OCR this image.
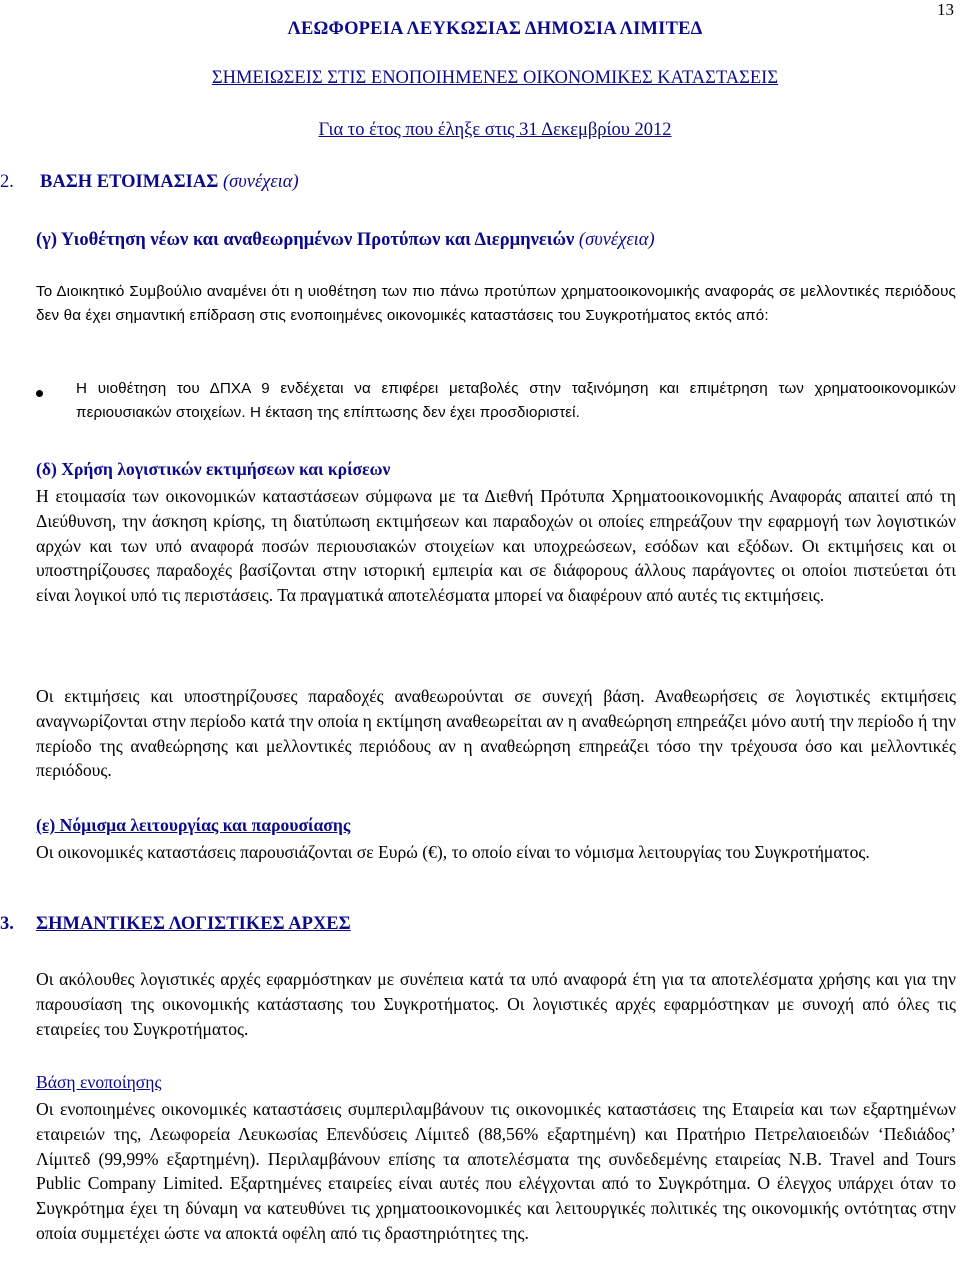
13
ΛΕΩΦΟΡΕΙΑ ΛΕΥΚΩΣΙΑΣ ΔΗΜΟΣΙΑ ΛΙΜΙΤΕΔ
ΣΗΜΕΙΩΣΕΙΣ ΣΤΙΣ ΕΝΟΠΟΙΗΜΕΝΕΣ ΟΙΚΟΝΟΜΙΚΕΣ ΚΑΤΑΣΤΑΣΕΙΣ
Για το έτος που έληξε στις 31 Δεκεμβρίου 2012
2. ΒΑΣΗ ΕΤΟΙΜΑΣΙΑΣ (συνέχεια)
(γ) Υιοθέτηση νέων και αναθεωρημένων Προτύπων και Διερμηνειών (συνέχεια)
Το Διοικητικό Συμβούλιο αναμένει ότι η υιοθέτηση των πιο πάνω προτύπων χρηματοοικονομικής αναφοράς σε μελλοντικές περιόδους δεν θα έχει σημαντική επίδραση στις ενοποιημένες οικονομικές καταστάσεις του Συγκροτήματος εκτός από:
Η υιοθέτηση του ΔΠΧΑ 9 ενδέχεται να επιφέρει μεταβολές στην ταξινόμηση και επιμέτρηση των χρηματοοικονομικών περιουσιακών στοιχείων. Η έκταση της επίπτωσης δεν έχει προσδιοριστεί.
(δ) Χρήση λογιστικών εκτιμήσεων και κρίσεων
Η ετοιμασία των οικονομικών καταστάσεων σύμφωνα με τα Διεθνή Πρότυπα Χρηματοοικονομικής Αναφοράς απαιτεί από τη Διεύθυνση, την άσκηση κρίσης, τη διατύπωση εκτιμήσεων και παραδοχών οι οποίες επηρεάζουν την εφαρμογή των λογιστικών αρχών και των υπό αναφορά ποσών περιουσιακών στοιχείων και υποχρεώσεων, εσόδων και εξόδων. Οι εκτιμήσεις και οι υποστηρίζουσες παραδοχές βασίζονται στην ιστορική εμπειρία και σε διάφορους άλλους παράγοντες οι οποίοι πιστεύεται ότι είναι λογικοί υπό τις περιστάσεις. Τα πραγματικά αποτελέσματα μπορεί να διαφέρουν από αυτές τις εκτιμήσεις.
Οι εκτιμήσεις και υποστηρίζουσες παραδοχές αναθεωρούνται σε συνεχή βάση. Αναθεωρήσεις σε λογιστικές εκτιμήσεις αναγνωρίζονται στην περίοδο κατά την οποία η εκτίμηση αναθεωρείται αν η αναθεώρηση επηρεάζει μόνο αυτή την περίοδο ή την περίοδο της αναθεώρησης και μελλοντικές περιόδους αν η αναθεώρηση επηρεάζει τόσο την τρέχουσα όσο και μελλοντικές περιόδους.
(ε) Νόμισμα λειτουργίας και παρουσίασης
Οι οικονομικές καταστάσεις παρουσιάζονται σε Ευρώ (€), το οποίο είναι το νόμισμα λειτουργίας του Συγκροτήματος.
3. ΣΗΜΑΝΤΙΚΕΣ ΛΟΓΙΣΤΙΚΕΣ ΑΡΧΕΣ
Οι ακόλουθες λογιστικές αρχές εφαρμόστηκαν με συνέπεια κατά τα υπό αναφορά έτη για τα αποτελέσματα χρήσης και για την παρουσίαση της οικονομικής κατάστασης του Συγκροτήματος. Οι λογιστικές αρχές εφαρμόστηκαν με συνοχή από όλες τις εταιρείες του Συγκροτήματος.
Βάση ενοποίησης
Οι ενοποιημένες οικονομικές καταστάσεις συμπεριλαμβάνουν τις οικονομικές καταστάσεις της Εταιρεία και των εξαρτημένων εταιρειών της, Λεωφορεία Λευκωσίας Επενδύσεις Λίμιτεδ (88,56% εξαρτημένη) και Πρατήριο Πετρελαιοειδών ‘Πεδιάδος’ Λίμιτεδ (99,99% εξαρτημένη). Περιλαμβάνουν επίσης τα αποτελέσματα της συνδεδεμένης εταιρείας N.B. Travel and Tours Public Company Limited. Εξαρτημένες εταιρείες είναι αυτές που ελέγχονται από το Συγκρότημα. Ο έλεγχος υπάρχει όταν το Συγκρότημα έχει τη δύναμη να κατευθύνει τις χρηματοοικονομικές και λειτουργικές πολιτικές της οικονομικής οντότητας στην οποία συμμετέχει ώστε να αποκτά οφέλη από τις δραστηριότητες της.
